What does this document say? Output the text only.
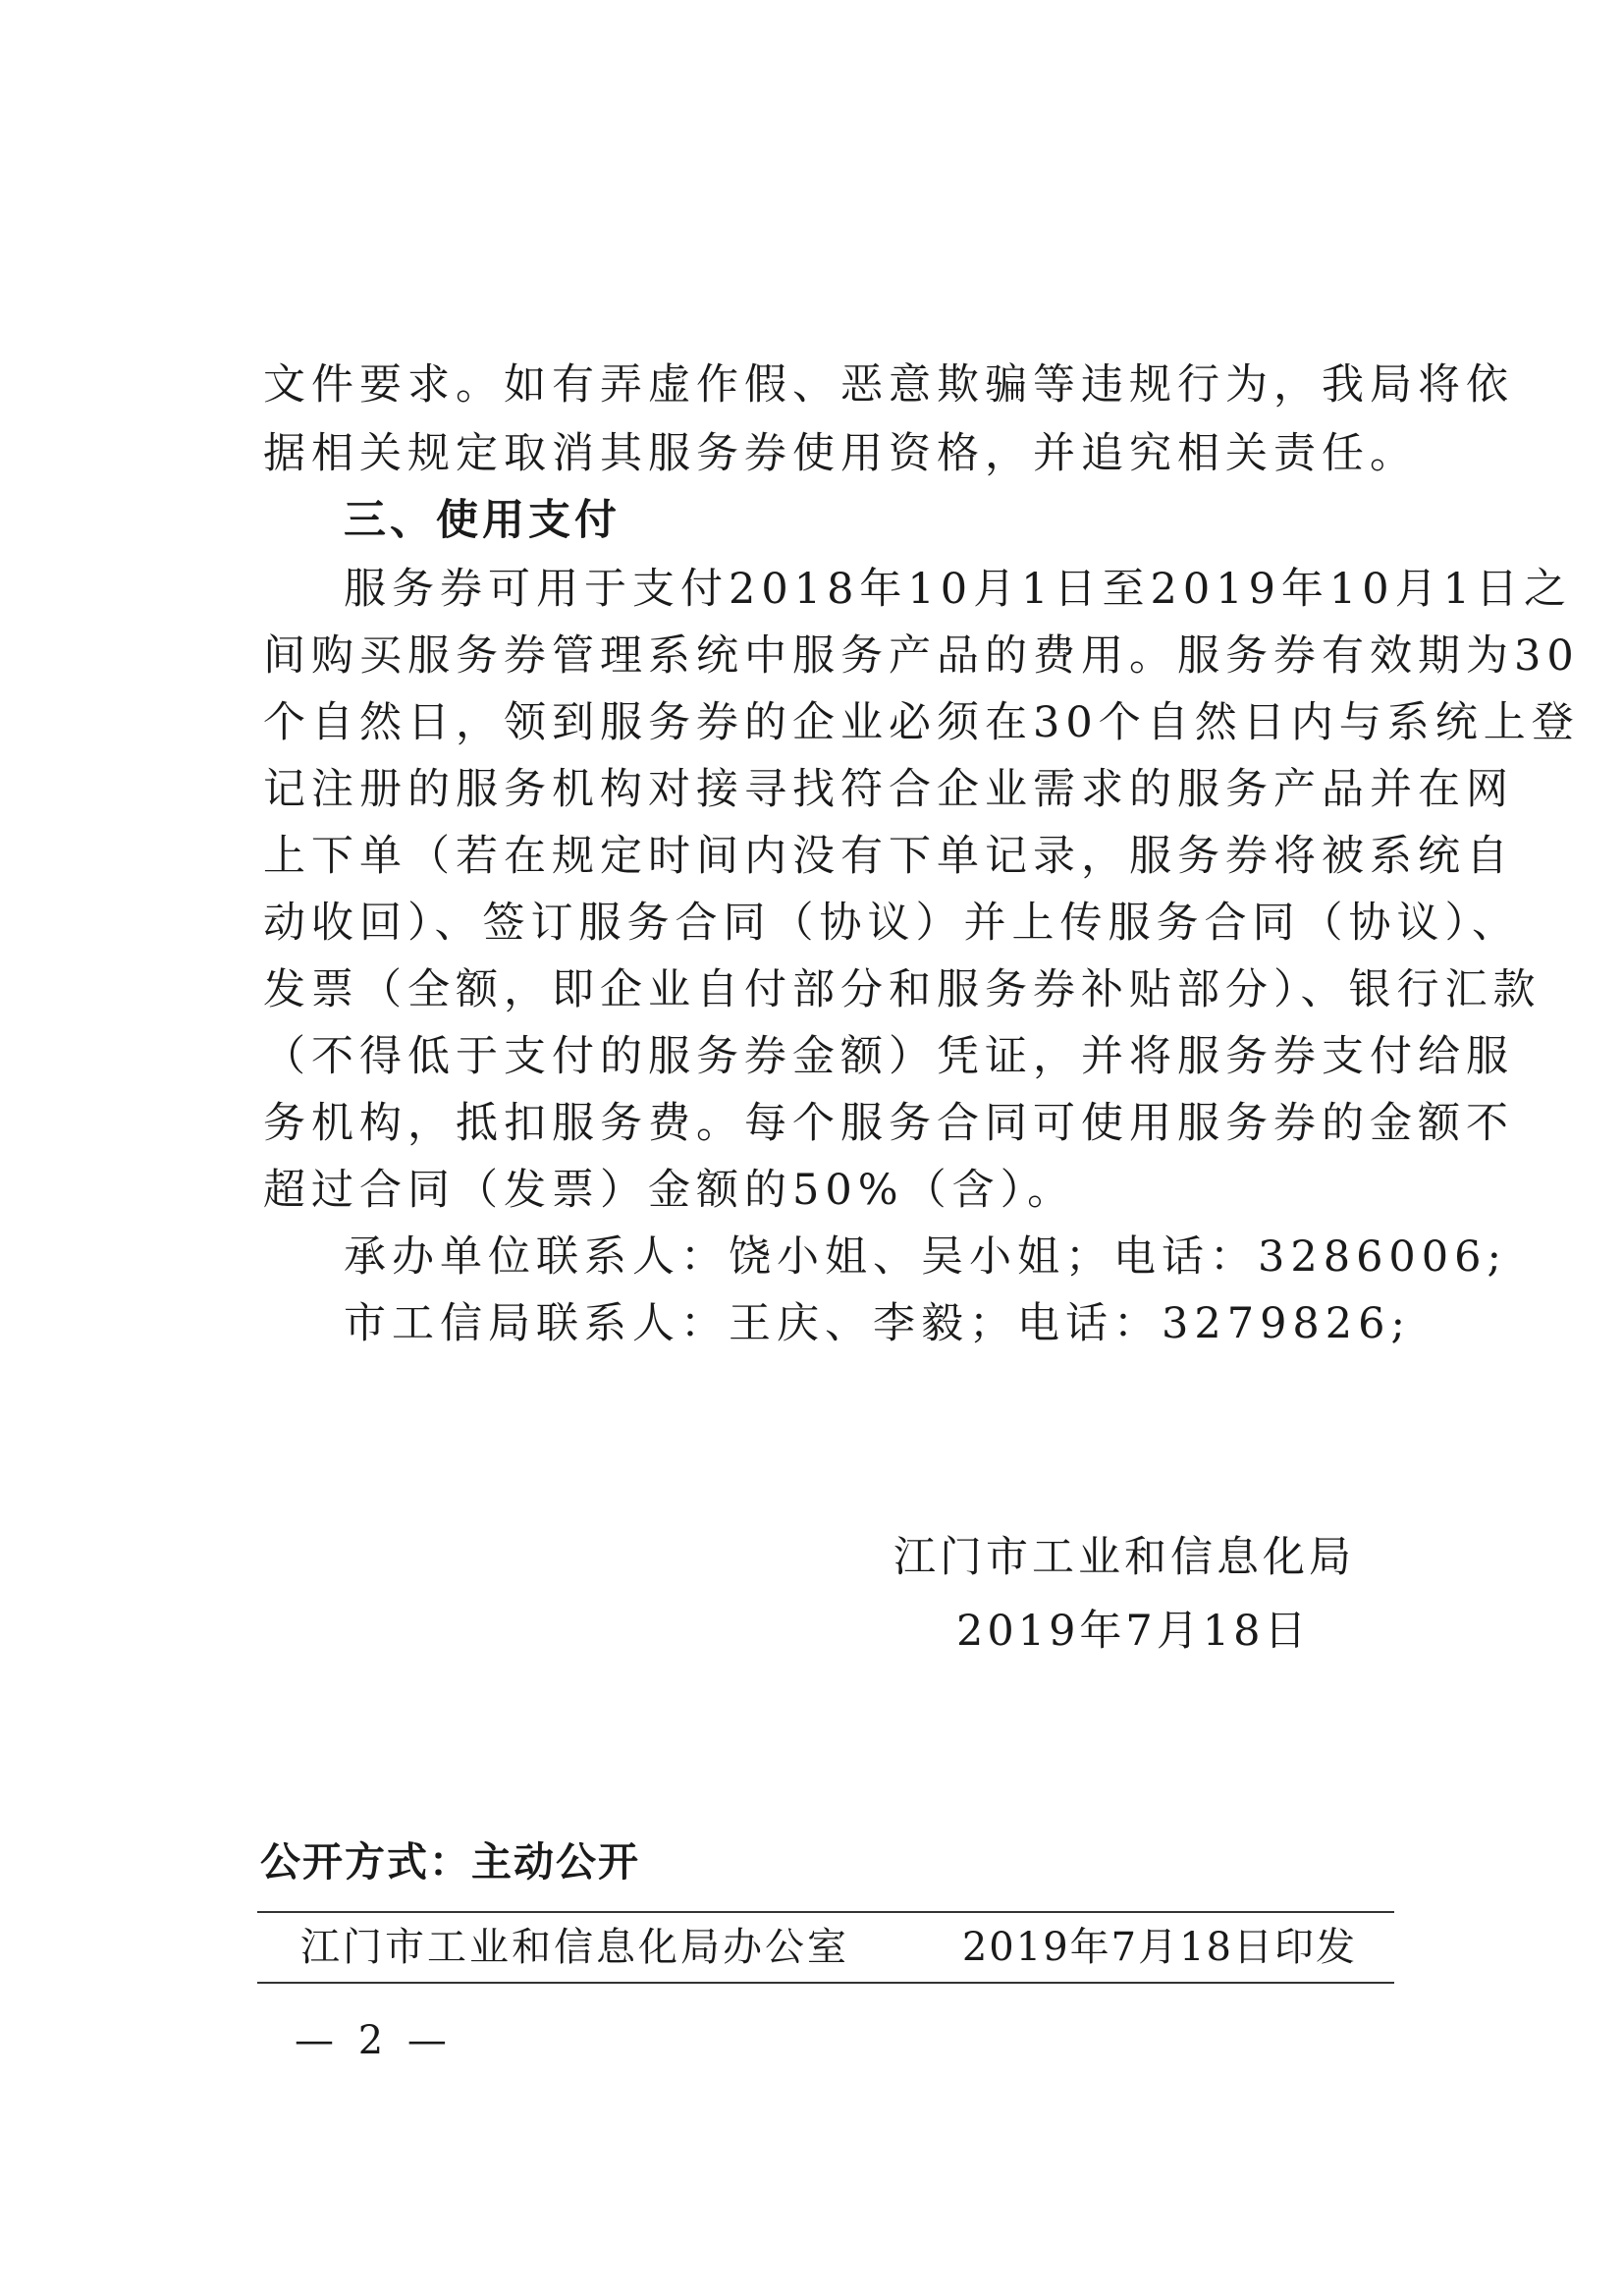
文件要求。如有弄虚作假、恶意欺骗等违规行为，我局将依
据相关规定取消其服务券使用资格，并追究相关责任。
三、使用支付
服务券可用于支付2018年10月1日至2019年10月1日之
间购买服务券管理系统中服务产品的费用。服务券有效期为30
个自然日，领到服务券的企业必须在30个自然日内与系统上登
记注册的服务机构对接寻找符合企业需求的服务产品并在网
上下单（若在规定时间内没有下单记录，服务券将被系统自
动收回）、签订服务合同（协议）并上传服务合同（协议）、
发票（全额，即企业自付部分和服务券补贴部分）、银行汇款
（不得低于支付的服务券金额）凭证，并将服务券支付给服
务机构，抵扣服务费。每个服务合同可使用服务券的金额不
超过合同（发票）金额的50%（含）。
承办单位联系人：饶小姐、吴小姐；电话：3286006;
市工信局联系人：王庆、李毅；电话：3279826;
江门市工业和信息化局
2019年7月18日
公开方式：主动公开
江门市工业和信息化局办公室	2019年7月18日印发
— 2 —
